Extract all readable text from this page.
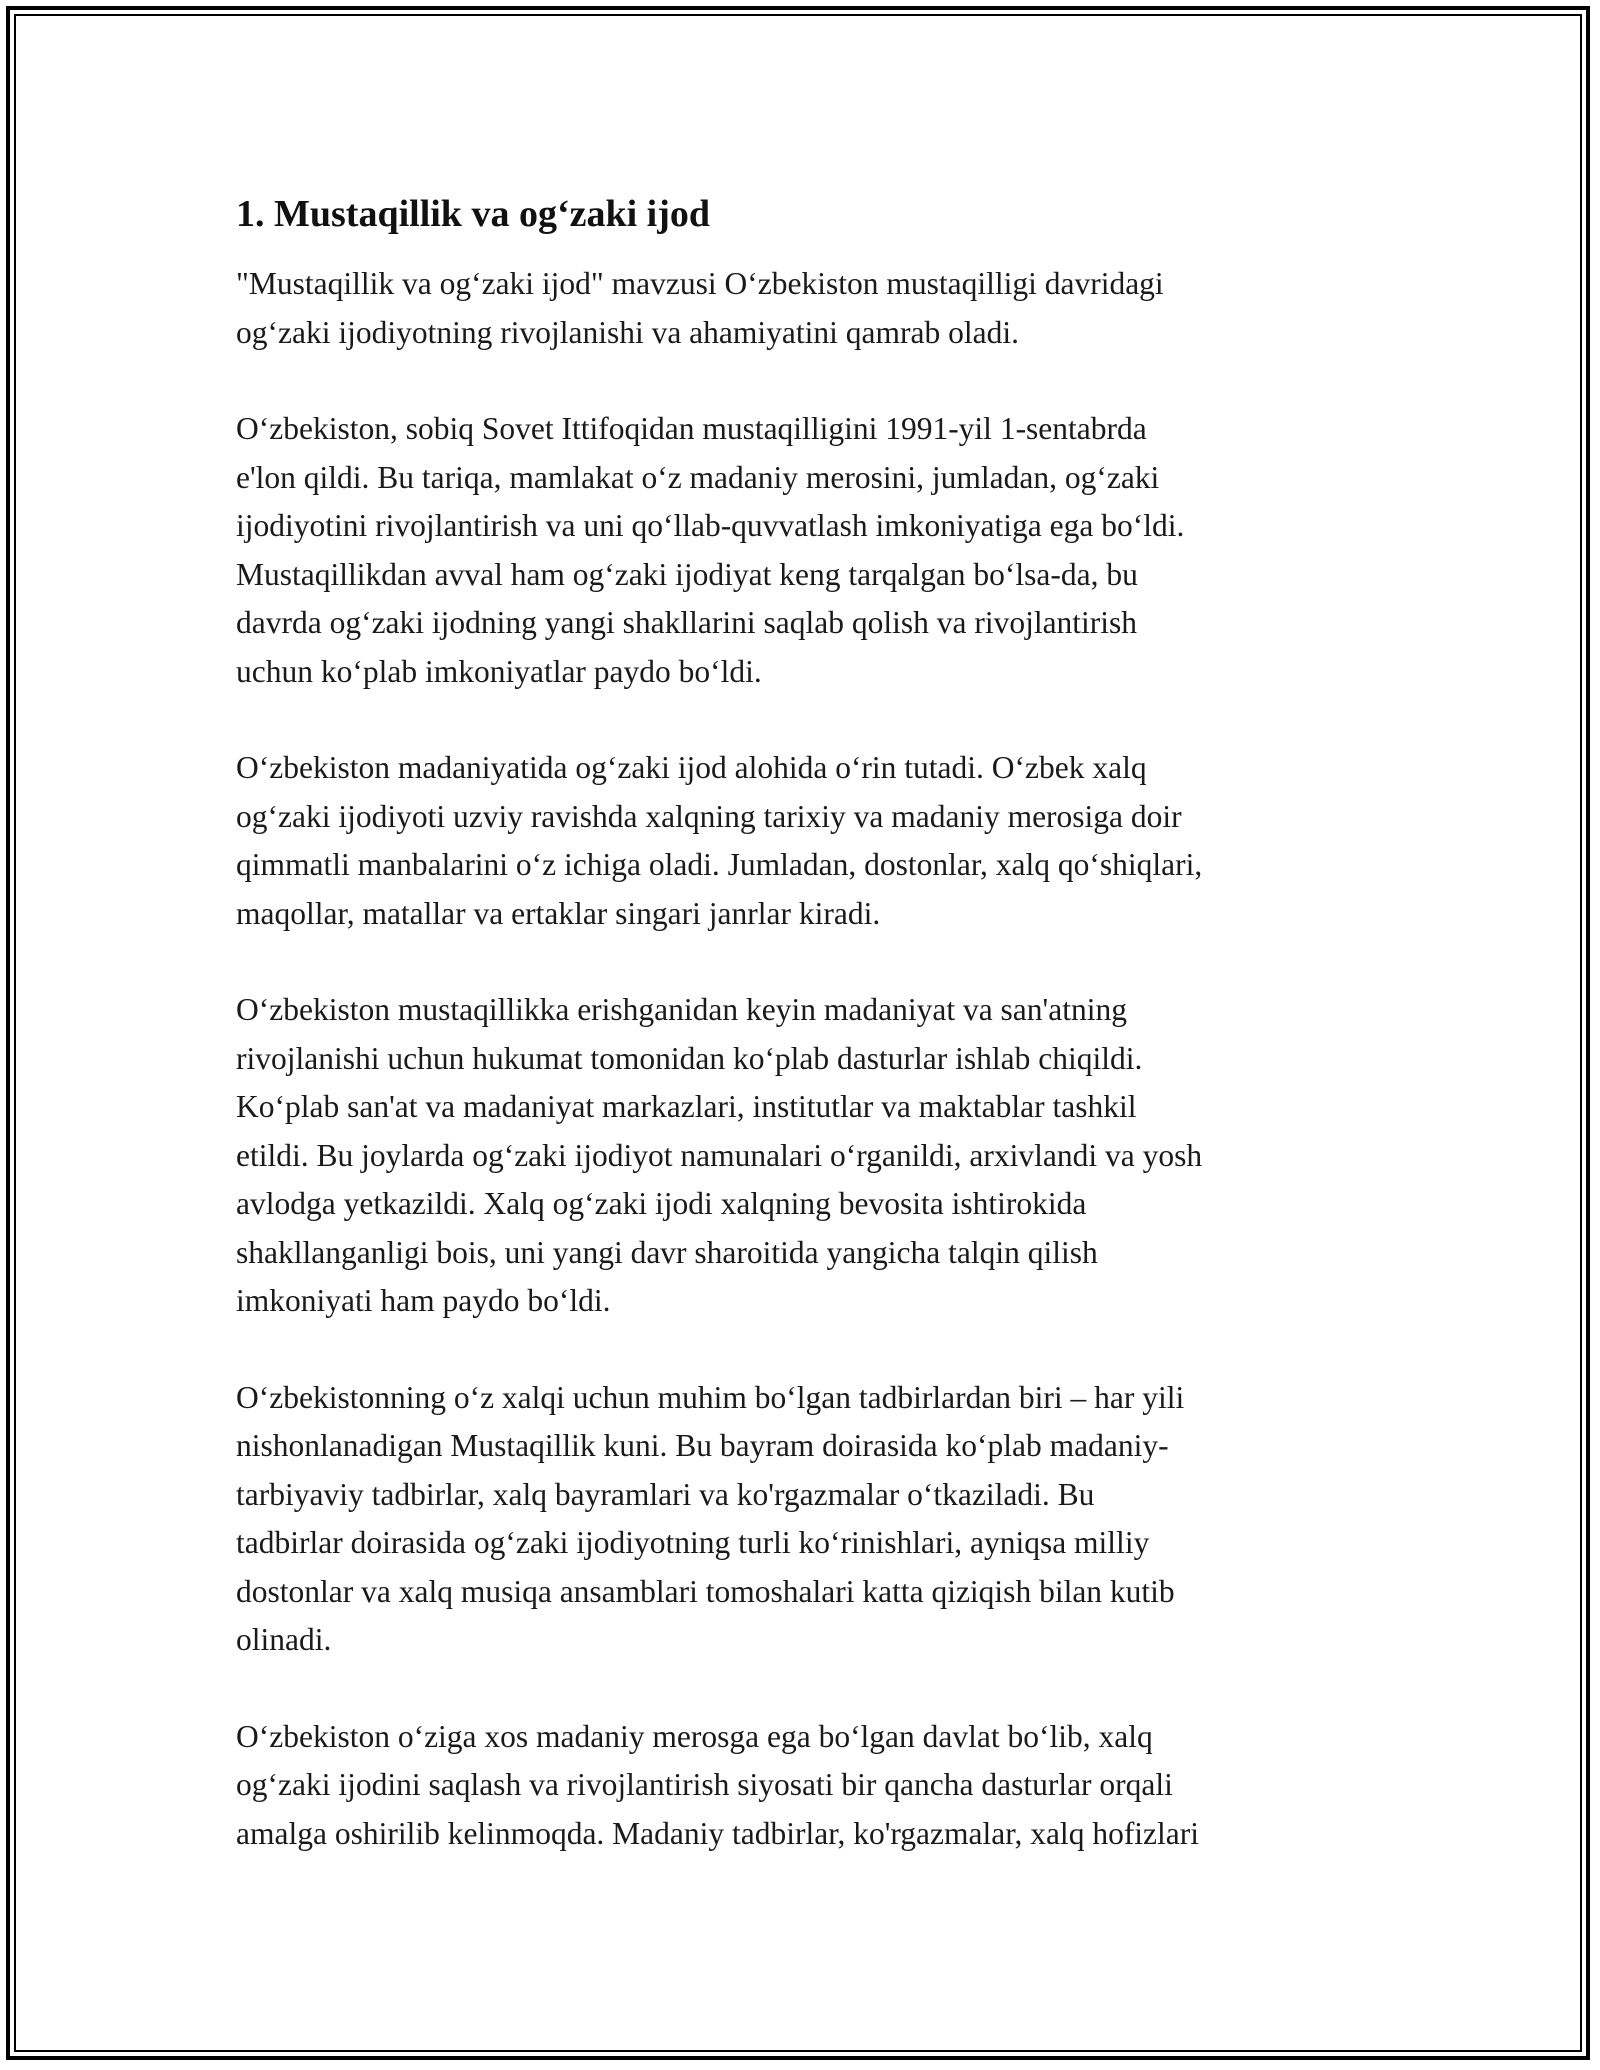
1. Mustaqillik va og‘zaki ijod

"Mustaqillik va og‘zaki ijod" mavzusi O‘zbekiston mustaqilligi davridagi
og‘zaki ijodiyotning rivojlanishi va ahamiyatini qamrab oladi.

O‘zbekiston, sobiq Sovet Ittifoqidan mustaqilligini 1991-yil 1-sentabrda
e'lon qildi. Bu tariqa, mamlakat o‘z madaniy merosini, jumladan, og‘zaki
ijodiyotini rivojlantirish va uni qo‘llab-quvvatlash imkoniyatiga ega bo‘ldi.
Mustaqillikdan avval ham og‘zaki ijodiyat keng tarqalgan bo‘lsa-da, bu
davrda og‘zaki ijodning yangi shakllarini saqlab qolish va rivojlantirish
uchun ko‘plab imkoniyatlar paydo bo‘ldi.

O‘zbekiston madaniyatida og‘zaki ijod alohida o‘rin tutadi. O‘zbek xalq
og‘zaki ijodiyoti uzviy ravishda xalqning tarixiy va madaniy merosiga doir
qimmatli manbalarini o‘z ichiga oladi. Jumladan, dostonlar, xalq qo‘shiqlari,
maqollar, matallar va ertaklar singari janrlar kiradi.

O‘zbekiston mustaqillikka erishganidan keyin madaniyat va san'atning
rivojlanishi uchun hukumat tomonidan ko‘plab dasturlar ishlab chiqildi.
Ko‘plab san'at va madaniyat markazlari, institutlar va maktablar tashkil
etildi. Bu joylarda og‘zaki ijodiyot namunalari o‘rganildi, arxivlandi va yosh
avlodga yetkazildi. Xalq og‘zaki ijodi xalqning bevosita ishtirokida
shakllanganligi bois, uni yangi davr sharoitida yangicha talqin qilish
imkoniyati ham paydo bo‘ldi.

O‘zbekistonning o‘z xalqi uchun muhim bo‘lgan tadbirlardan biri – har yili
nishonlanadigan Mustaqillik kuni. Bu bayram doirasida ko‘plab madaniy-
tarbiyaviy tadbirlar, xalq bayramlari va ko'rgazmalar o‘tkaziladi. Bu
tadbirlar doirasida og‘zaki ijodiyotning turli ko‘rinishlari, ayniqsa milliy
dostonlar va xalq musiqa ansamblari tomoshalari katta qiziqish bilan kutib
olinadi.

O‘zbekiston o‘ziga xos madaniy merosga ega bo‘lgan davlat bo‘lib, xalq
og‘zaki ijodini saqlash va rivojlantirish siyosati bir qancha dasturlar orqali
amalga oshirilib kelinmoqda. Madaniy tadbirlar, ko'rgazmalar, xalq hofizlari
